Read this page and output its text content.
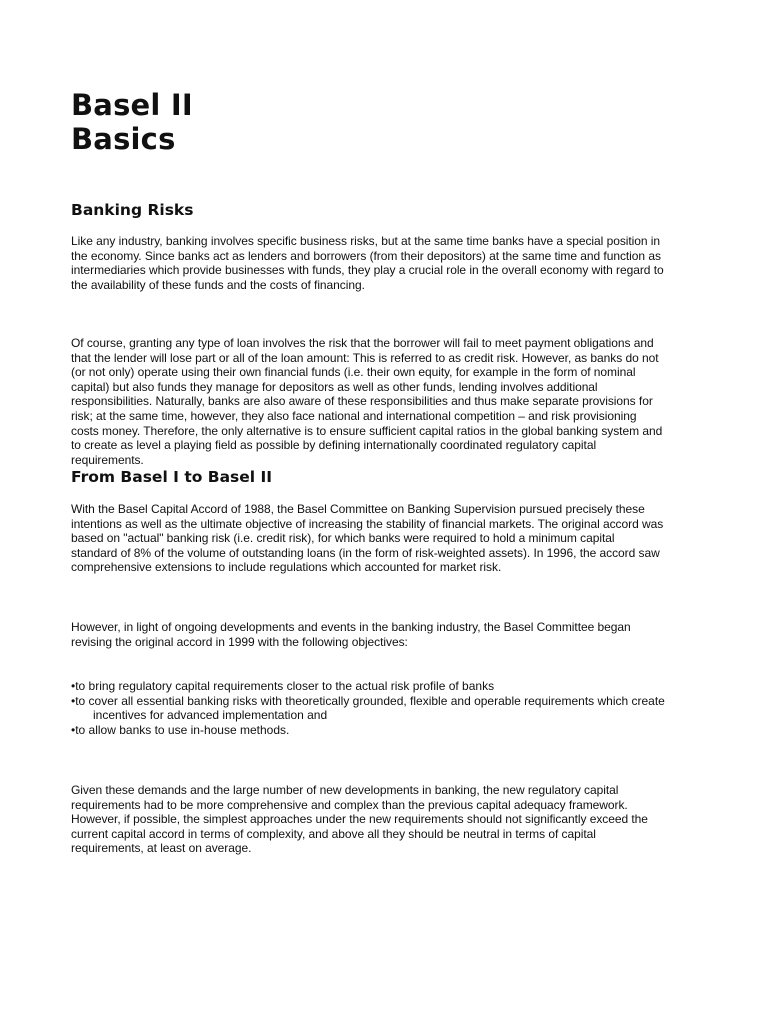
Basel II
Basics
Banking Risks

Like any industry, banking involves specific business risks, but at the same time banks have a special position in
the economy. Since banks act as lenders and borrowers (from their depositors) at the same time and function as
intermediaries which provide businesses with funds, they play a crucial role in the overall economy with regard to
the availability of these funds and the costs of financing.

Of course, granting any type of loan involves the risk that the borrower will fail to meet payment obligations and
that the lender will lose part or all of the loan amount: This is referred to as credit risk. However, as banks do not
(or not only) operate using their own financial funds (i.e. their own equity, for example in the form of nominal
capital) but also funds they manage for depositors as well as other funds, lending involves additional
responsibilities. Naturally, banks are also aware of these responsibilities and thus make separate provisions for
risk; at the same time, however, they also face national and international competition – and risk provisioning
costs money. Therefore, the only alternative is to ensure sufficient capital ratios in the global banking system and
to create as level a playing field as possible by defining internationally coordinated regulatory capital
requirements.

From Basel I to Basel II

With the Basel Capital Accord of 1988, the Basel Committee on Banking Supervision pursued precisely these
intentions as well as the ultimate objective of increasing the stability of financial markets. The original accord was
based on "actual" banking risk (i.e. credit risk), for which banks were required to hold a minimum capital
standard of 8% of the volume of outstanding loans (in the form of risk-weighted assets). In 1996, the accord saw
comprehensive extensions to include regulations which accounted for market risk.

However, in light of ongoing developments and events in the banking industry, the Basel Committee began
revising the original accord in 1999 with the following objectives:

•to bring regulatory capital requirements closer to the actual risk profile of banks
•to cover all essential banking risks with theoretically grounded, flexible and operable requirements which create
incentives for advanced implementation and
•to allow banks to use in-house methods.

Given these demands and the large number of new developments in banking, the new regulatory capital
requirements had to be more comprehensive and complex than the previous capital adequacy framework.
However, if possible, the simplest approaches under the new requirements should not significantly exceed the
current capital accord in terms of complexity, and above all they should be neutral in terms of capital
requirements, at least on average.
